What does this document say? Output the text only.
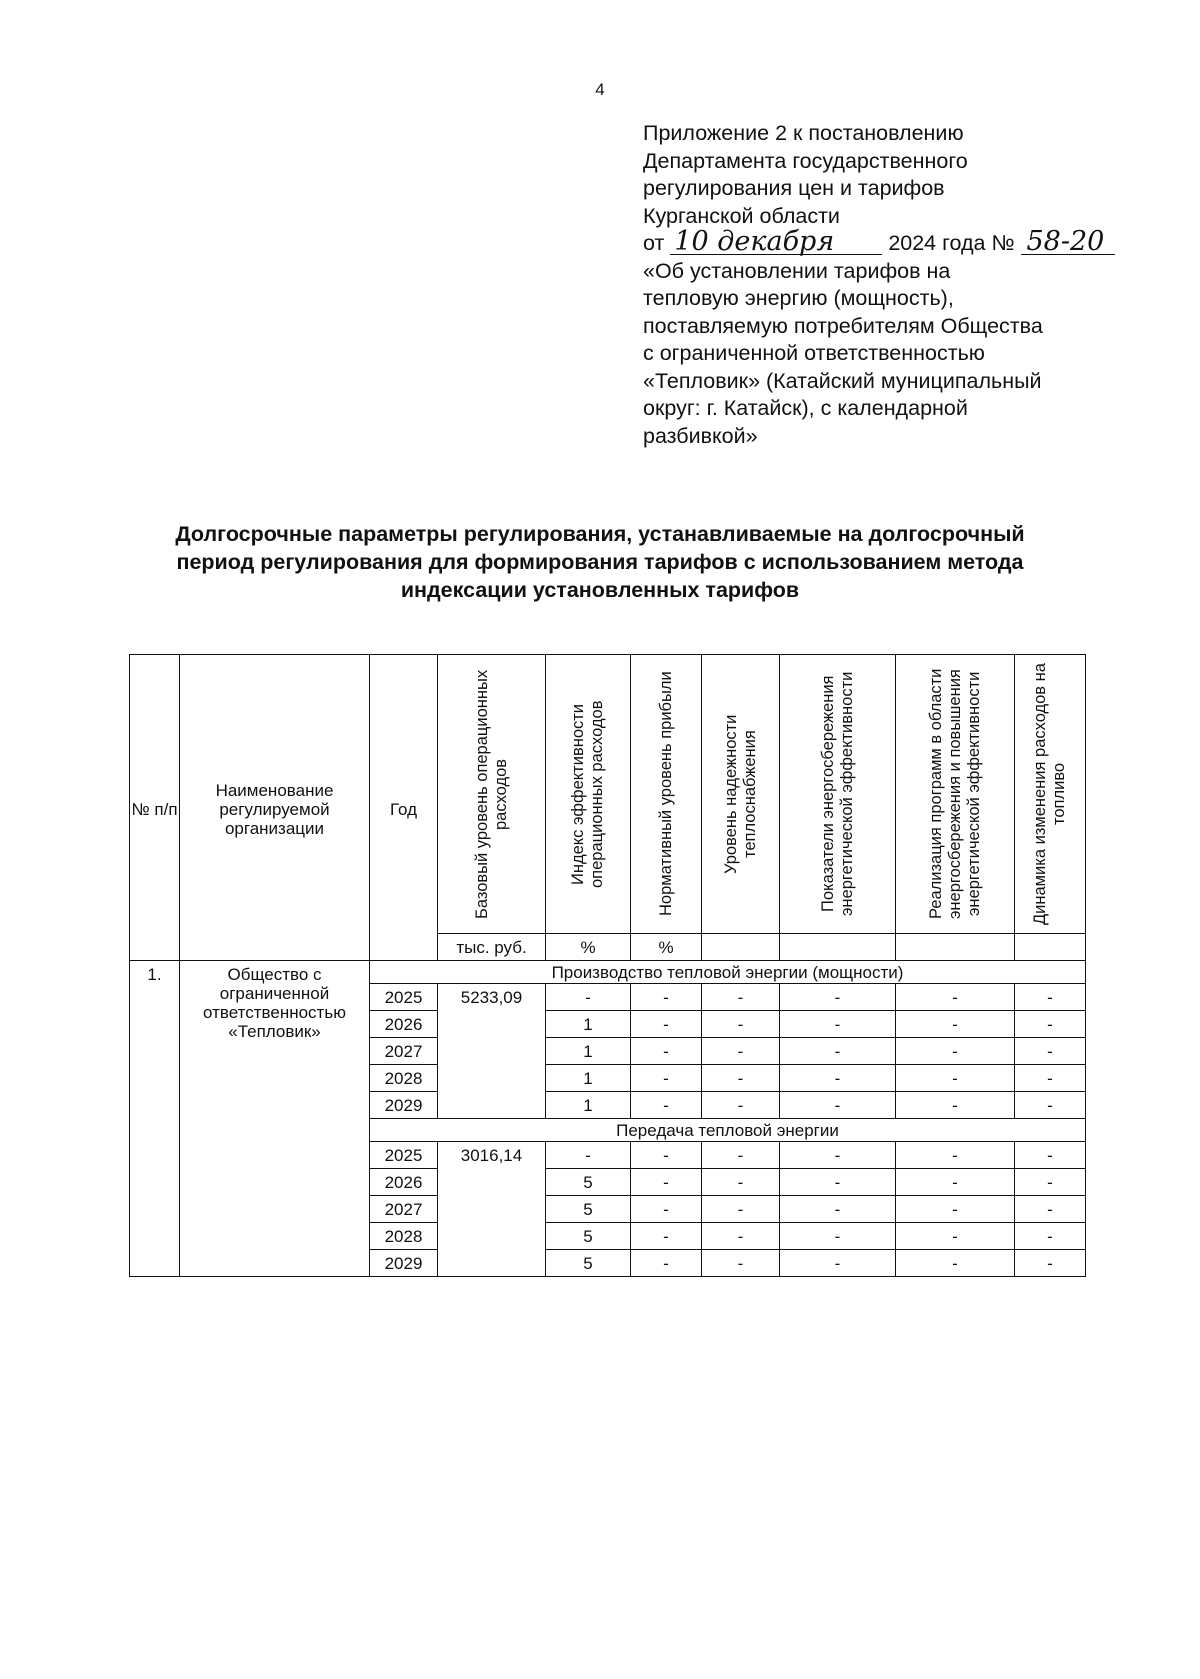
4
Приложение 2 к постановлению
Департамента государственного
регулирования цен и тарифов
Курганской области
от 10 декабря	2024 года № 58-20
«Об установлении тарифов на
тепловую энергию (мощность),
поставляемую потребителям Общества
с ограниченной ответственностью
«Тепловик» (Катайский муниципальный
округ: г. Катайск), с календарной
разбивкой»
Долгосрочные параметры регулирования, устанавливаемые на долгосрочный
период регулирования для формирования тарифов с использованием метода
индексации установленных тарифов
№ п/п	Наименование регулируемой организации	Год	Базовый уровень операционных расходов	Индекс эффективности операционных расходов	Нормативный уровень прибыли	Уровень надежности теплоснабжения	Показатели энергосбережения энергетической эффективности	Реализация программ в области энергосбережения и повышения энергетической эффективности	Динамика изменения расходов на топливо

			тыс. руб.	%	%				
1.	Общество с ограниченной ответственностью «Тепловик»	Производство тепловой энергии (мощности)							
		2025	5233,09	-	-	-	-	-	-
		2026		1	-	-	-	-	-
		2027		1	-	-	-	-	-
		2028		1	-	-	-	-	-
		2029		1	-	-	-	-	-
		Передача тепловой энергии							
		2025	3016,14	-	-	-	-	-	-
		2026		5	-	-	-	-	-
		2027		5	-	-	-	-	-
		2028		5	-	-	-	-	-
		2029		5	-	-	-	-	-
